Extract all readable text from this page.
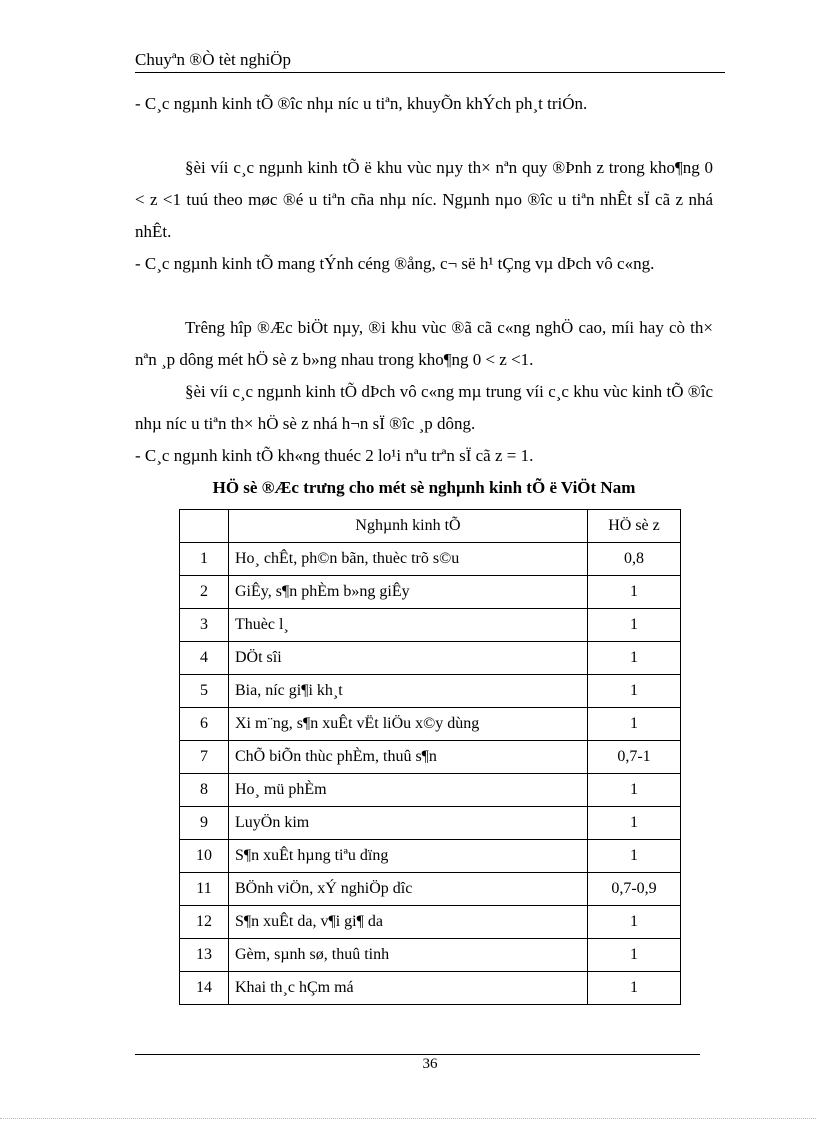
Chuyªn ®Ò tèt nghiÖp
- C¸c ngµnh kinh tÕ ®îc nhµ níc u tiªn, khuyÕn khÝch ph¸t triÓn.
§èi víi c¸c ngµnh kinh tÕ ë khu vùc nµy th× nªn quy ®Þnh z trong kho¶ng 0 < z <1 tuú theo møc ®é u tiªn cña nhµ níc. Ngµnh nµo ®îc u tiªn nhÊt sÏ cã z nhá nhÊt.
- C¸c ngµnh kinh tÕ mang tÝnh céng ®ång, c¬ së h¹ tÇng vµ dÞch vô c«ng.
Trêng hîp ®Æc biÖt nµy, ®i khu vùc ®ã cã c«ng nghÖ cao, míi hay cò th× nªn ¸p dông mét hÖ sè z b»ng nhau trong kho¶ng 0 < z <1.
§èi víi c¸c ngµnh kinh tÕ dÞch vô c«ng mµ trung víi c¸c khu vùc kinh tÕ ®îc nhµ níc u tiªn th× hÖ sè z nhá h¬n sÏ ®îc ¸p dông.
- C¸c ngµnh kinh tÕ kh«ng thuéc 2 lo¹i nªu trªn sÏ cã z = 1.
HÖ sè ®Æc trưng cho mét sè nghµnh kinh tÕ ë ViÖt Nam
	Nghµnh kinh tÕ	HÖ sè z
1	Ho¸ chÊt, ph©n bãn, thuèc trõ s©u	0,8
2	GiÊy, s¶n phÈm b»ng giÊy	1
3	Thuèc l¸	1
4	DÖt sîi	1
5	Bia, níc gi¶i kh¸t	1
6	Xi m¨ng, s¶n xuÊt vËt liÖu x©y dùng	1
7	ChÕ biÕn thùc phÈm, thuû s¶n	0,7-1
8	Ho¸ mü phÈm	1
9	LuyÖn kim	1
10	S¶n xuÊt hµng tiªu dïng	1
11	BÖnh viÖn, xÝ nghiÖp dîc	0,7-0,9
12	S¶n xuÊt da, v¶i gi¶ da	1
13	Gèm, sµnh sø, thuû tinh	1
14	Khai th¸c hÇm má	1
36
